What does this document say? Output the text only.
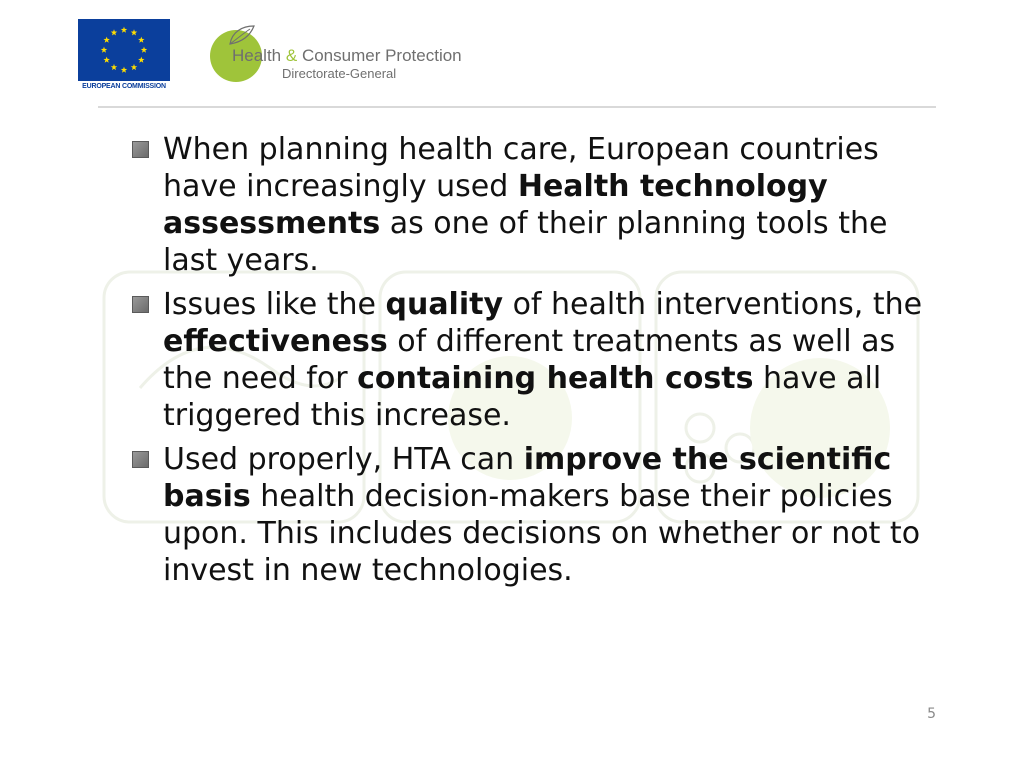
EUROPEAN COMMISSION
Health & Consumer Protection
Directorate-General
When planning health care, European countries have increasingly used Health technology assessments as one of their planning tools the last years.
Issues like the quality of health interventions, the effectiveness of different treatments as well as the need for containing health costs have all triggered this increase.
Used properly, HTA can improve the scientific basis health decision-makers base their policies upon. This includes decisions on whether or not to invest in new technologies.
5
